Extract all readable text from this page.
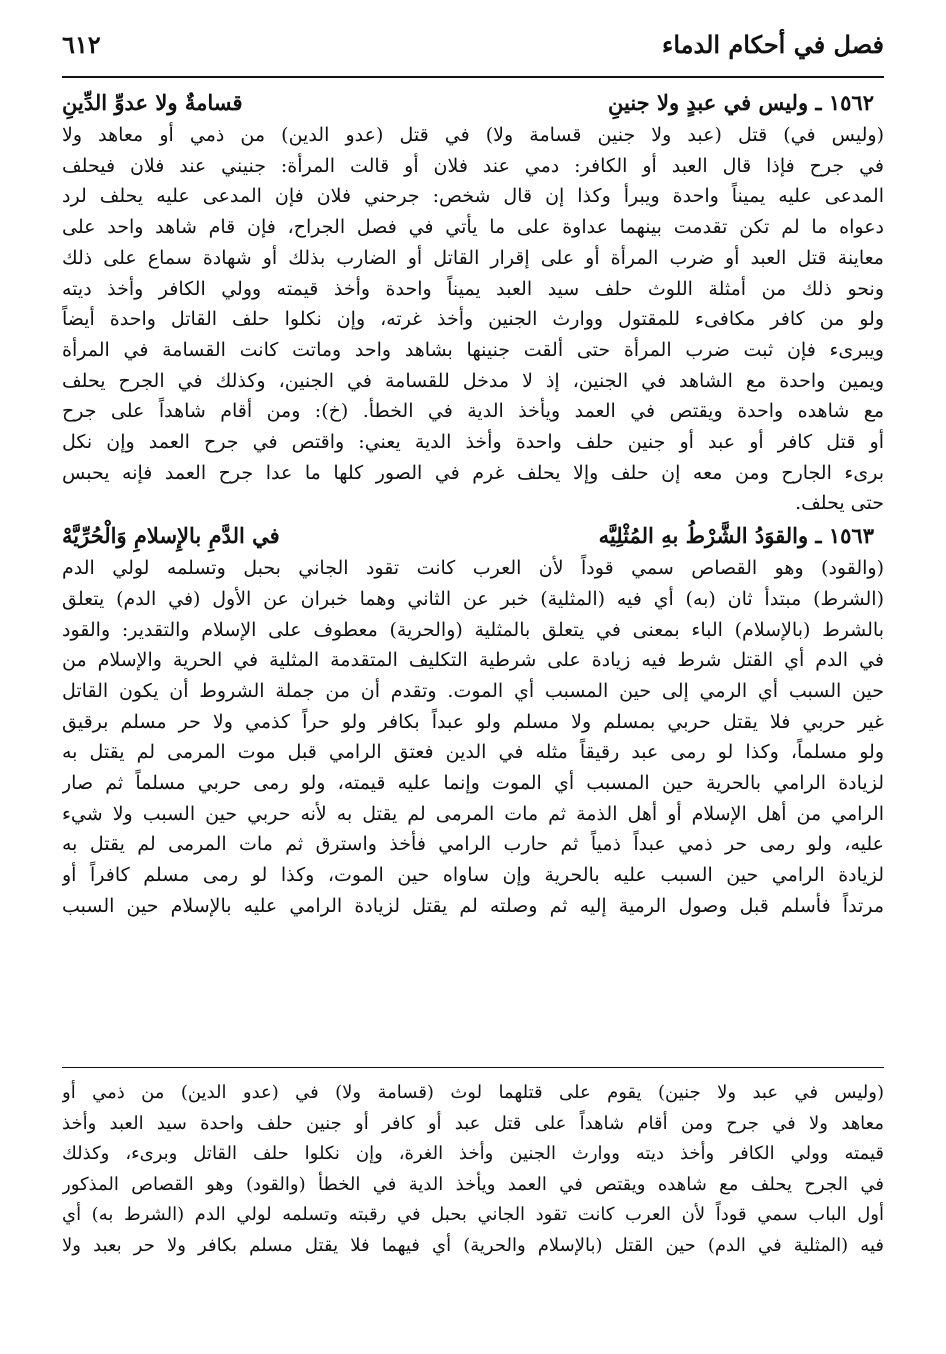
فصل في أحكام الدماء
٦١٢
١٥٦٢ ـ وليس في عبدٍ ولا جنينِ
قسامةٌ ولا عدوِّ الدِّينِ
(وليس في) قتل (عبد ولا جنين قسامة ولا) في قتل (عدو الدين) من ذمي أو معاهد ولا
في جرح فإذا قال العبد أو الكافر: دمي عند فلان أو قالت المرأة: جنيني عند فلان فيحلف
المدعى عليه يميناً واحدة ويبرأ وكذا إن قال شخص: جرحني فلان فإن المدعى عليه يحلف لرد
دعواه ما لم تكن تقدمت بينهما عداوة على ما يأتي في فصل الجراح، فإن قام شاهد واحد على
معاينة قتل العبد أو ضرب المرأة أو على إقرار القاتل أو الضارب بذلك أو شهادة سماع على ذلك
ونحو ذلك من أمثلة اللوث حلف سيد العبد يميناً واحدة وأخذ قيمته وولي الكافر وأخذ ديته
ولو من كافر مكافىء للمقتول ووارث الجنين وأخذ غرته، وإن نكلوا حلف القاتل واحدة أيضاً
ويبرىء فإن ثبت ضرب المرأة حتى ألقت جنينها بشاهد واحد وماتت كانت القسامة في المرأة
ويمين واحدة مع الشاهد في الجنين، إذ لا مدخل للقسامة في الجنين، وكذلك في الجرح يحلف
مع شاهده واحدة ويقتص في العمد ويأخذ الدية في الخطأ. (خ): ومن أقام شاهداً على جرح
أو قتل كافر أو عبد أو جنين حلف واحدة وأخذ الدية يعني: واقتص في جرح العمد وإن نكل
برىء الجارح ومن معه إن حلف وإلا يحلف غرم في الصور كلها ما عدا جرح العمد فإنه يحبس
حتى يحلف.
١٥٦٣ ـ والقوَدُ الشَّرْطُ بهِ المُثْلِيَّه
في الدَّمِ بالإِسلامِ وَالْحُرِّيَّهْ
(والقود) وهو القصاص سمي قوداً لأن العرب كانت تقود الجاني بحبل وتسلمه لولي الدم
(الشرط) مبتدأ ثان (به) أي فيه (المثلية) خبر عن الثاني وهما خبران عن الأول (في الدم) يتعلق
بالشرط (بالإسلام) الباء بمعنى في يتعلق بالمثلية (والحرية) معطوف على الإسلام والتقدير: والقود
في الدم أي القتل شرط فيه زيادة على شرطية التكليف المتقدمة المثلية في الحرية والإسلام من
حين السبب أي الرمي إلى حين المسبب أي الموت. وتقدم أن من جملة الشروط أن يكون القاتل
غير حربي فلا يقتل حربي بمسلم ولا مسلم ولو عبداً بكافر ولو حراً كذمي ولا حر مسلم برقيق
ولو مسلماً، وكذا لو رمى عبد رقيقاً مثله في الدين فعتق الرامي قبل موت المرمى لم يقتل به
لزيادة الرامي بالحرية حين المسبب أي الموت وإنما عليه قيمته، ولو رمى حربي مسلماً ثم صار
الرامي من أهل الإسلام أو أهل الذمة ثم مات المرمى لم يقتل به لأنه حربي حين السبب ولا شيء
عليه، ولو رمى حر ذمي عبداً ذمياً ثم حارب الرامي فأخذ واسترق ثم مات المرمى لم يقتل به
لزيادة الرامي حين السبب عليه بالحرية وإن ساواه حين الموت، وكذا لو رمى مسلم كافراً أو
مرتداً فأسلم قبل وصول الرمية إليه ثم وصلته لم يقتل لزيادة الرامي عليه بالإسلام حين السبب
(وليس في عبد ولا جنين) يقوم على قتلهما لوث (قسامة ولا) في (عدو الدين) من ذمي أو
معاهد ولا في جرح ومن أقام شاهداً على قتل عبد أو كافر أو جنين حلف واحدة سيد العبد وأخذ
قيمته وولي الكافر وأخذ ديته ووارث الجنين وأخذ الغرة، وإن نكلوا حلف القاتل وبرىء، وكذلك
في الجرح يحلف مع شاهده ويقتص في العمد ويأخذ الدية في الخطأ (والقود) وهو القصاص المذكور
أول الباب سمي قوداً لأن العرب كانت تقود الجاني بحبل في رقبته وتسلمه لولي الدم (الشرط به) أي
فيه (المثلية في الدم) حين القتل (بالإسلام والحرية) أي فيهما فلا يقتل مسلم بكافر ولا حر بعبد ولا
